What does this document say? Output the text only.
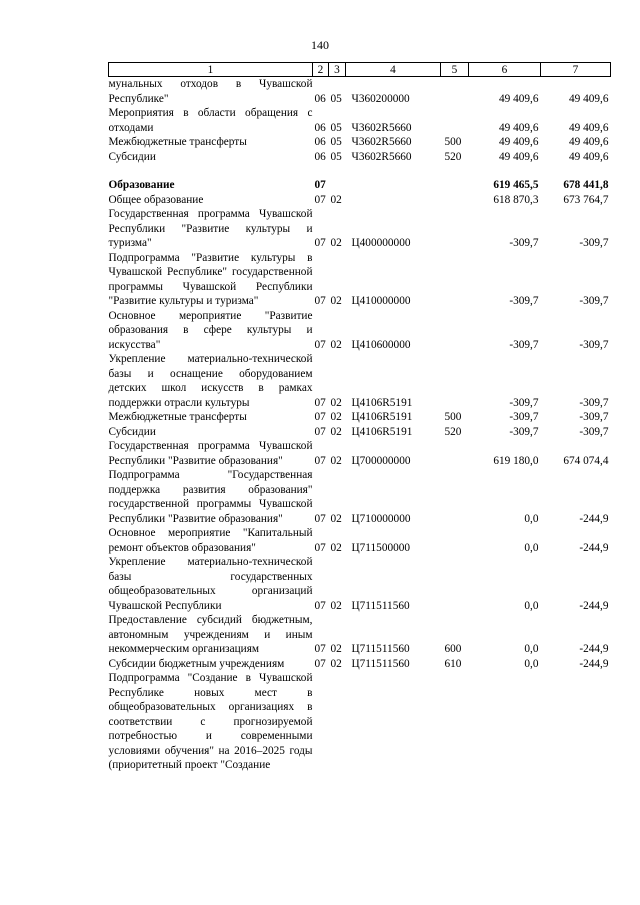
140
1	2	3	4	5	6	7
мунальных отходов в Чувашской Республике"	06	05	Ч360200000		49 409,6	49 409,6
Мероприятия в области обращения с отходами	06	05	Ч3602R5660		49 409,6	49 409,6
Межбюджетные трансферты	06	05	Ч3602R5660	500	49 409,6	49 409,6
Субсидии	06	05	Ч3602R5660	520	49 409,6	49 409,6

Образование	07				619 465,5	678 441,8
Общее образование	07	02			618 870,3	673 764,7
Государственная программа Чувашской Республики "Развитие культуры и туризма"	07	02	Ц400000000		-309,7	-309,7
Подпрограмма "Развитие культуры в Чувашской Республике" государственной программы Чувашской Республики "Развитие культуры и туризма"	07	02	Ц410000000		-309,7	-309,7
Основное мероприятие "Развитие образования в сфере культуры и искусства"	07	02	Ц410600000		-309,7	-309,7
Укрепление материально-технической базы и оснащение оборудованием детских школ искусств в рамках поддержки отрасли культуры	07	02	Ц4106R5191		-309,7	-309,7
Межбюджетные трансферты	07	02	Ц4106R5191	500	-309,7	-309,7
Субсидии	07	02	Ц4106R5191	520	-309,7	-309,7
Государственная программа Чувашской Республики "Развитие образования"	07	02	Ц700000000		619 180,0	674 074,4
Подпрограмма "Государственная поддержка развития образования" государственной программы Чувашской Республики "Развитие образования"	07	02	Ц710000000		0,0	-244,9
Основное мероприятие "Капитальный ремонт объектов образования"	07	02	Ц711500000		0,0	-244,9
Укрепление материально-технической базы государственных общеобразовательных организаций Чувашской Республики	07	02	Ц711511560		0,0	-244,9
Предоставление субсидий бюджетным, автономным учреждениям и иным некоммерческим организациям	07	02	Ц711511560	600	0,0	-244,9
Субсидии бюджетным учреждениям	07	02	Ц711511560	610	0,0	-244,9
Подпрограмма "Создание в Чувашской Республике новых мест в общеобразовательных организациях в соответствии с прогнозируемой потребностью и современными условиями обучения" на 2016–2025 годы (приоритетный проект "Создание						
